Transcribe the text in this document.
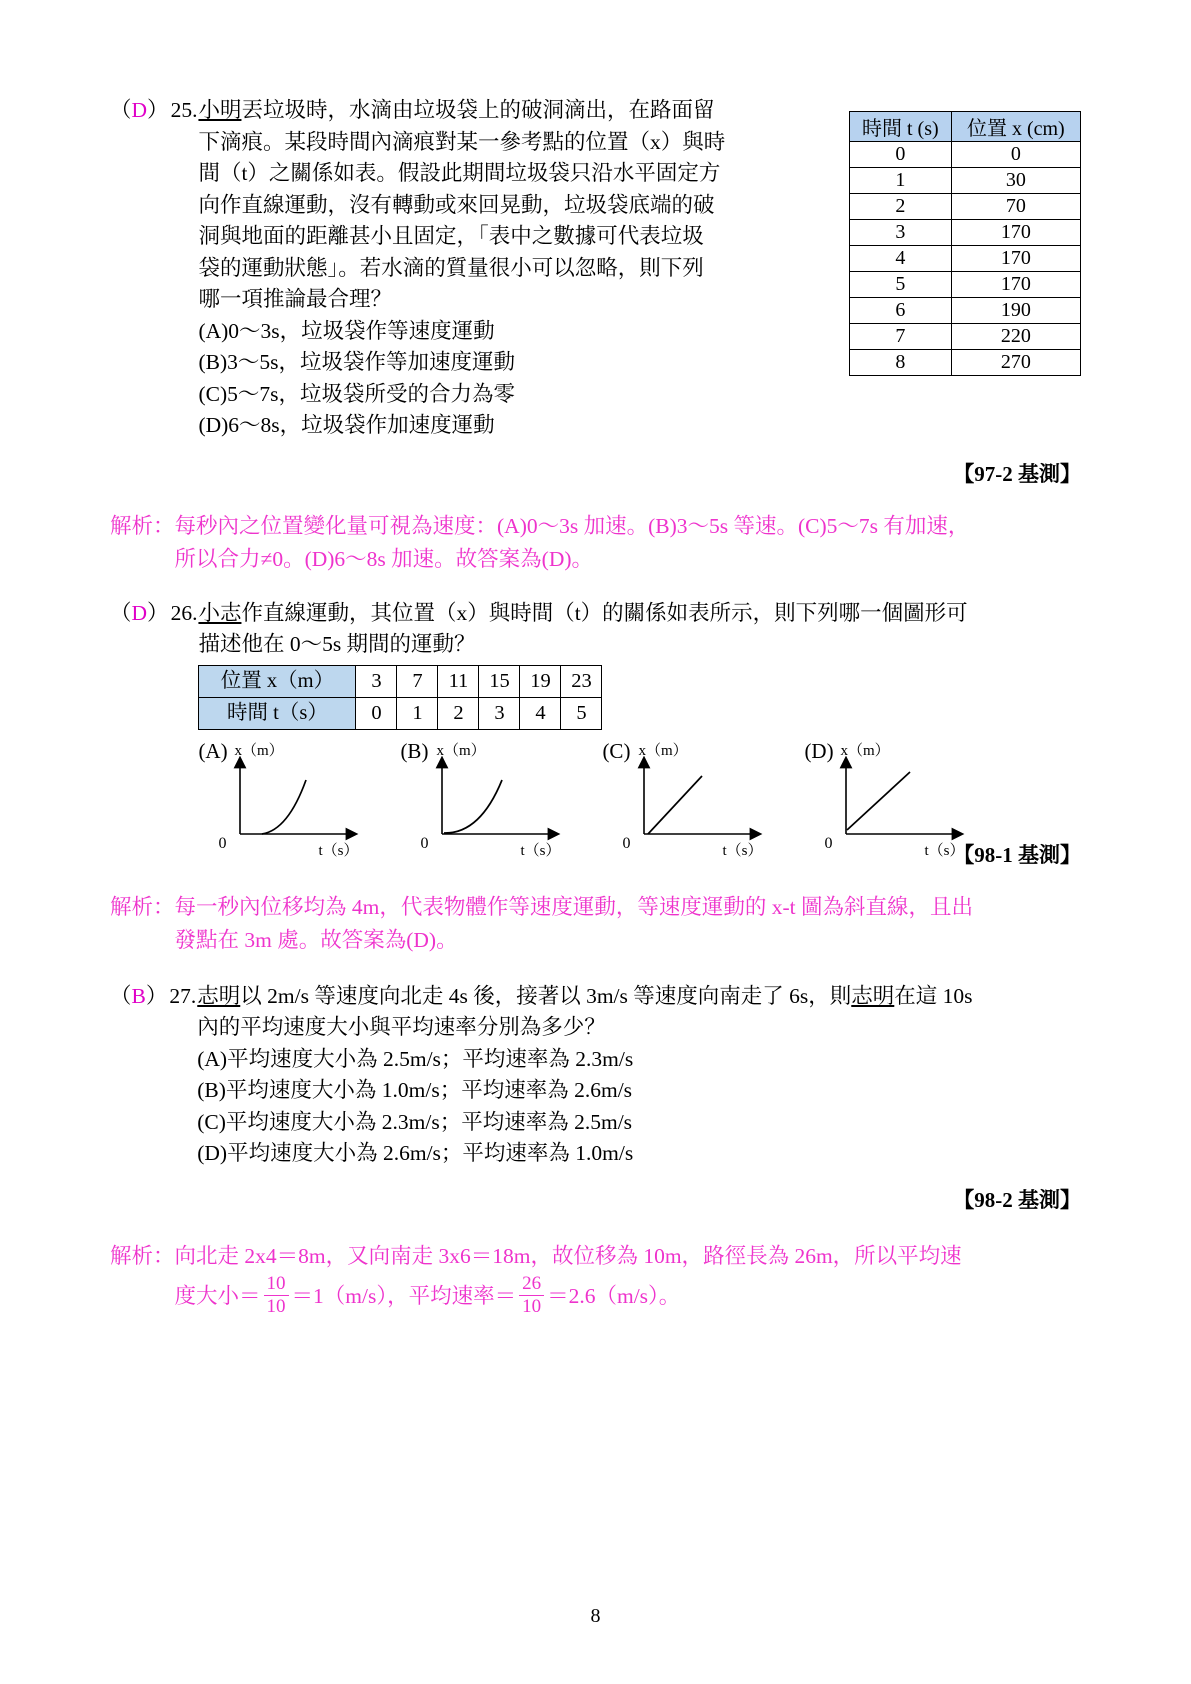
時間 t (s)	位置 x (cm)
0	0
1	30
2	70
3	170
4	170
5	170
6	190
7	220
8	270
（D） 25. 小明丟垃圾時，水滴由垃圾袋上的破洞滴出，在路面留
下滴痕。某段時間內滴痕對某一參考點的位置（x）與時
間（t）之關係如表。假設此期間垃圾袋只沿水平固定方
向作直線運動，沒有轉動或來回晃動，垃圾袋底端的破
洞與地面的距離甚小且固定，「表中之數據可代表垃圾
袋的運動狀態」。若水滴的質量很小可以忽略，則下列
哪一項推論最合理？
(A)0～3s，垃圾袋作等速度運動
(B)3～5s，垃圾袋作等加速度運動
(C)5～7s，垃圾袋所受的合力為零
(D)6～8s，垃圾袋作加速度運動
【97-2 基測】
解析： 每秒內之位置變化量可視為速度：(A)0～3s 加速。(B)3～5s 等速。(C)5～7s 有加速，
所以合力≠0。(D)6～8s 加速。故答案為(D)。
（D） 26. 小志作直線運動，其位置（x）與時間（t）的關係如表所示，則下列哪一個圖形可
描述他在 0～5s 期間的運動？
位置 x（m）	3	7	11	15	19	23
時間 t（s）	0	1	2	3	4	5
(A) x（m）
0	t（s）
(B) x（m）
0	t（s）
(C) x（m）
0	t（s）
(D) x（m）
0	t（s）
【98-1 基測】
解析： 每一秒內位移均為 4m，代表物體作等速度運動，等速度運動的 x-t 圖為斜直線，且出
發點在 3m 處。故答案為(D)。
（B） 27. 志明以 2m/s 等速度向北走 4s 後，接著以 3m/s 等速度向南走了 6s，則志明在這 10s
內的平均速度大小與平均速率分別為多少？
(A)平均速度大小為 2.5m/s；平均速率為 2.3m/s
(B)平均速度大小為 1.0m/s；平均速率為 2.6m/s
(C)平均速度大小為 2.3m/s；平均速率為 2.5m/s
(D)平均速度大小為 2.6m/s；平均速率為 1.0m/s
【98-2 基測】
解析： 向北走 2x4＝8m，又向南走 3x6＝18m，故位移為 10m，路徑長為 26m，所以平均速
度大小＝ $\frac{10}{10} =1(m/s)$，平均速率＝ $\frac{26}{10} =2.6(m/s)$。
8
